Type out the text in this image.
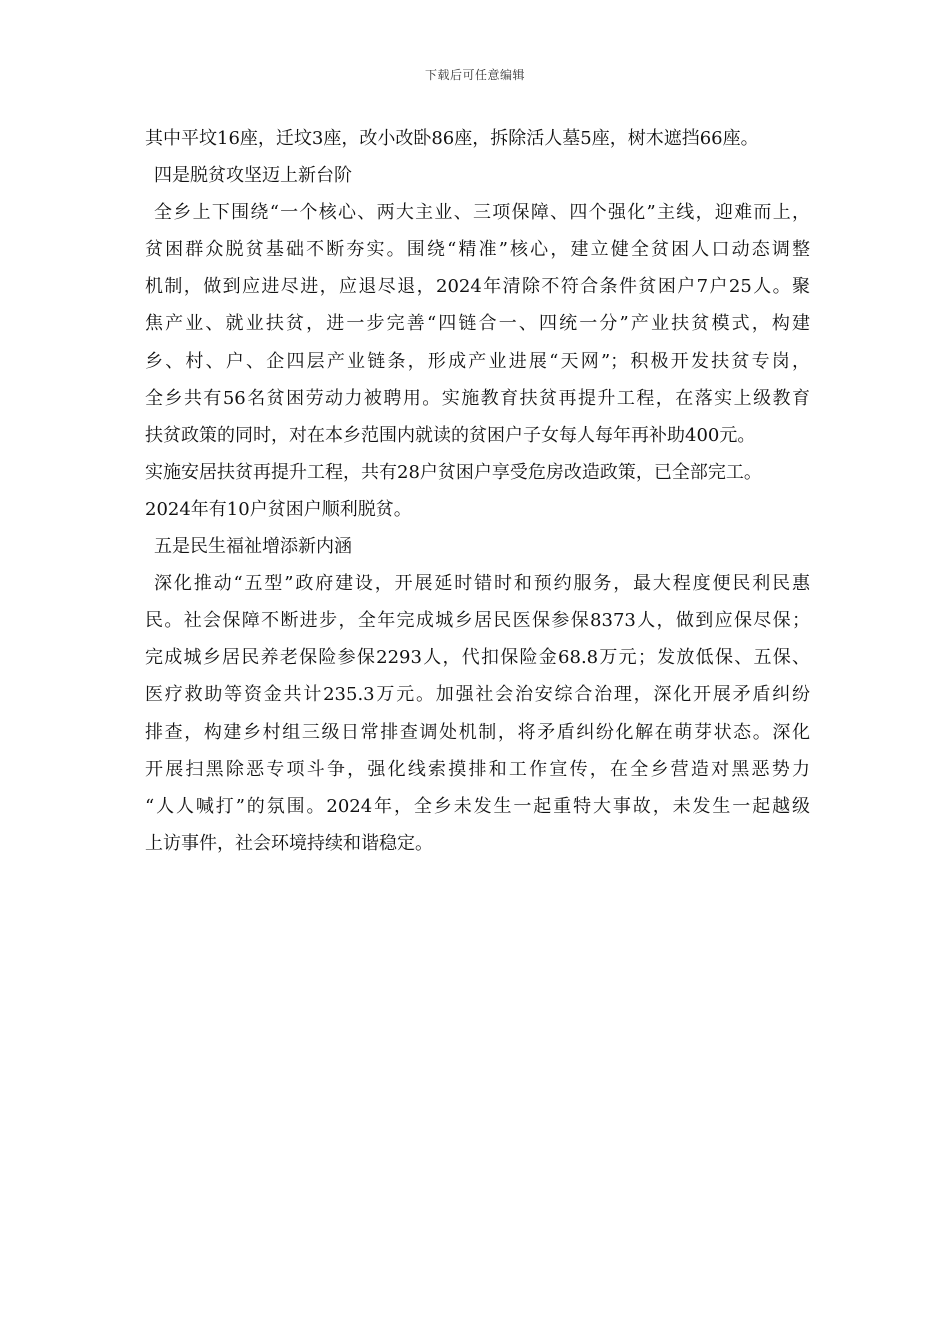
下载后可任意编辑
其中平坟16座，迁坟3座，改小改卧86座，拆除活人墓5座，树木遮挡66座。
四是脱贫攻坚迈上新台阶
全乡上下围绕“一个核心、两大主业、三项保障、四个强化”主线，迎难而上，
贫困群众脱贫基础不断夯实。围绕“精准”核心，建立健全贫困人口动态调整
机制，做到应进尽进，应退尽退，2024年清除不符合条件贫困户7户25人。聚
焦产业、就业扶贫，进一步完善“四链合一、四统一分”产业扶贫模式，构建
乡、村、户、企四层产业链条，形成产业进展“天网”；积极开发扶贫专岗，
全乡共有56名贫困劳动力被聘用。实施教育扶贫再提升工程，在落实上级教育
扶贫政策的同时，对在本乡范围内就读的贫困户子女每人每年再补助400元。
实施安居扶贫再提升工程，共有28户贫困户享受危房改造政策，已全部完工。
2024年有10户贫困户顺利脱贫。
五是民生福祉增添新内涵
深化推动“五型”政府建设，开展延时错时和预约服务，最大程度便民利民惠
民。社会保障不断进步，全年完成城乡居民医保参保8373人，做到应保尽保；
完成城乡居民养老保险参保2293人，代扣保险金68.8万元；发放低保、五保、
医疗救助等资金共计235.3万元。加强社会治安综合治理，深化开展矛盾纠纷
排查，构建乡村组三级日常排查调处机制，将矛盾纠纷化解在萌芽状态。深化
开展扫黑除恶专项斗争，强化线索摸排和工作宣传，在全乡营造对黑恶势力
“人人喊打”的氛围。2024年，全乡未发生一起重特大事故，未发生一起越级
上访事件，社会环境持续和谐稳定。
